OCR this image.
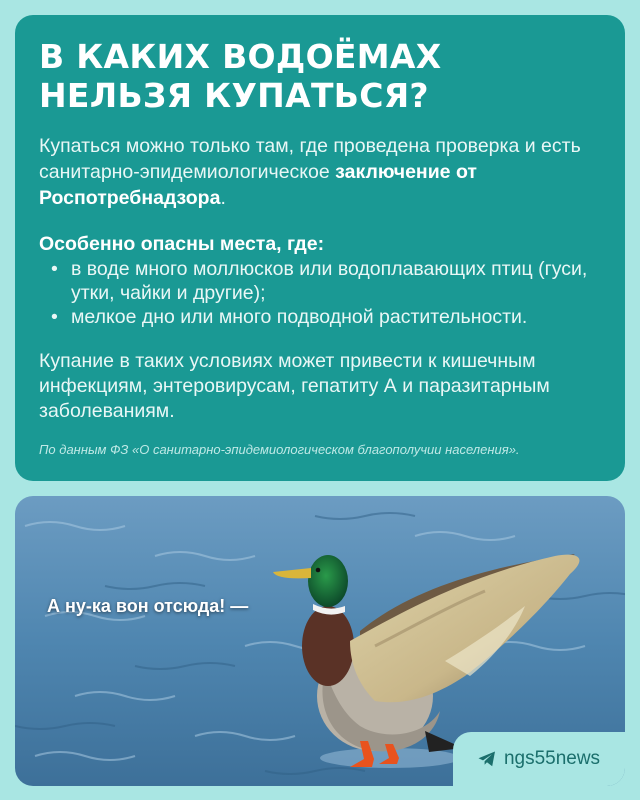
В КАКИХ ВОДОЁМАХ НЕЛЬЗЯ КУПАТЬСЯ?

Купаться можно только там, где проведена проверка и есть санитарно-эпидемиологическое заключение от Роспотребнадзора.

Особенно опасны места, где:

• в воде много моллюсков или водоплавающих птиц (гуси, утки, чайки и другие);
• мелкое дно или много подводной растительности.

Купание в таких условиях может привести к кишечным инфекциям, энтеровирусам, гепатиту А и паразитарным заболеваниям.

По данным ФЗ «О санитарно-эпидемиологическом благополучии населения».

А ну-ка вон отсюда! —
ngs55news
